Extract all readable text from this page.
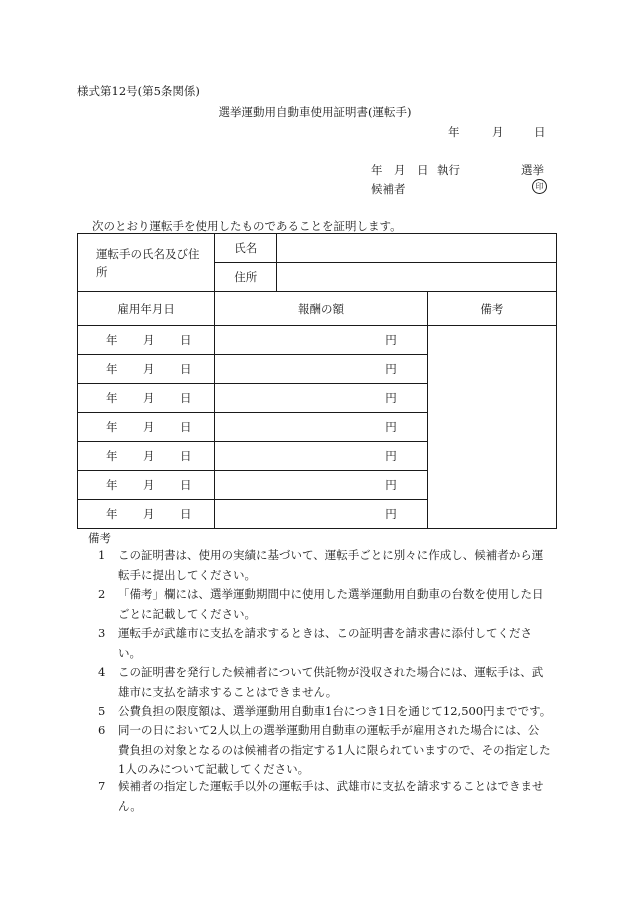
様式第12号(第5条関係)
選挙運動用自動車使用証明書(運転手)
年	月	日
年 月 日 執行	選挙
候補者	印
次のとおり運転手を使用したものであることを証明します。
運転手の氏名及び住所	氏名		
	住所		
雇用年月日	報酬の額		備考
年 月 日	円		
年 月 日	円		
年 月 日	円		
年 月 日	円		
年 月 日	円		
年 月 日	円		
年 月 日	円		
備考
1 この証明書は、使用の実績に基づいて、運転手ごとに別々に作成し、候補者から運
転手に提出してください。
2 「備考」欄には、選挙運動期間中に使用した選挙運動用自動車の台数を使用した日
ごとに記載してください。
3 運転手が武雄市に支払を請求するときは、この証明書を請求書に添付してくださ
い。
4 この証明書を発行した候補者について供託物が没収された場合には、運転手は、武
雄市に支払を請求することはできません。
5 公費負担の限度額は、選挙運動用自動車1台につき1日を通じて12,500円までです。
6 同一の日において2人以上の選挙運動用自動車の運転手が雇用された場合には、公
費負担の対象となるのは候補者の指定する1人に限られていますので、その指定した1人のみについて記載してください。
7 候補者の指定した運転手以外の運転手は、武雄市に支払を請求することはできませ
ん。
